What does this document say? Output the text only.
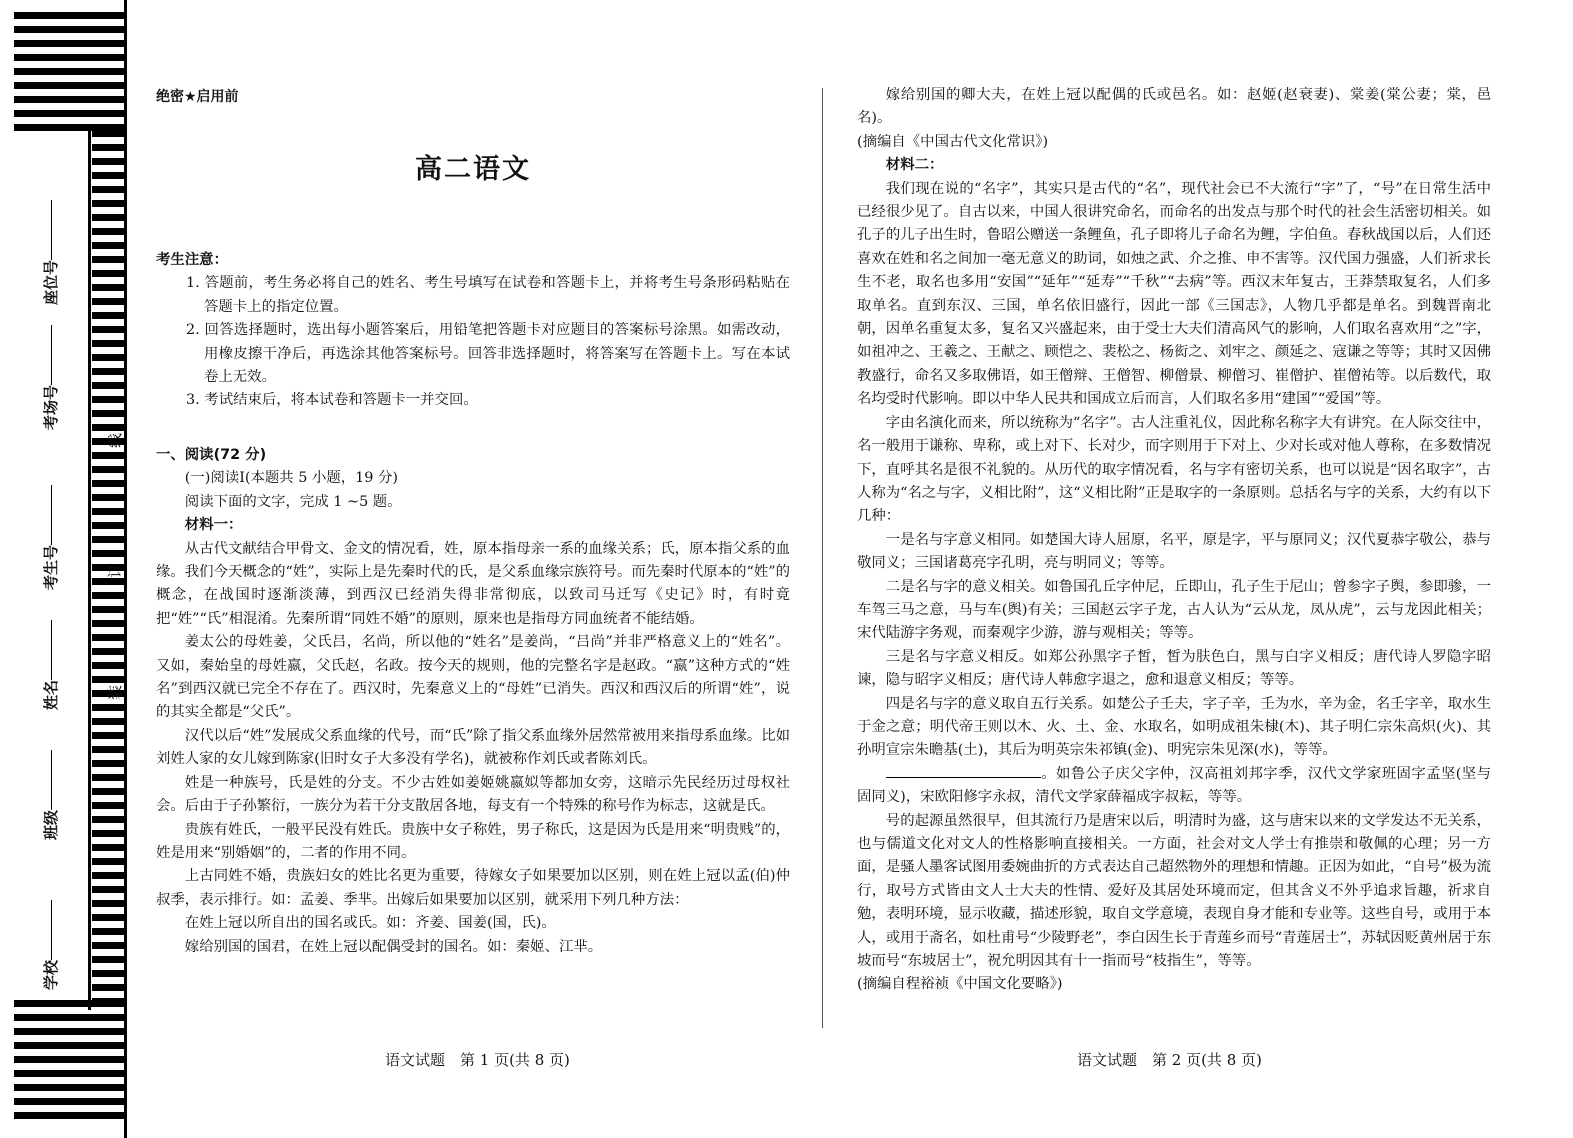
学校
班级
姓名
考生号
考场号
座位号
线
订
装
绝密★启用前
高二语文

考生注意：

1. 答题前，考生务必将自己的姓名、考生号填写在试卷和答题卡上，并将考生号条形码粘贴在答题卡上的指定位置。

2. 回答选择题时，选出每小题答案后，用铅笔把答题卡对应题目的答案标号涂黑。如需改动，用橡皮擦干净后，再选涂其他答案标号。回答非选择题时，将答案写在答题卡上。写在本试卷上无效。

3. 考试结束后，将本试卷和答题卡一并交回。

一、阅读(72 分)

(一)阅读Ⅰ(本题共 5 小题，19 分)

阅读下面的文字，完成 1 ~5 题。

材料一：

从古代文献结合甲骨文、金文的情况看，姓，原本指母亲一系的血缘关系；氏，原本指父系的血缘。我们今天概念的“姓”，实际上是先秦时代的氏，是父系血缘宗族符号。而先秦时代原本的“姓”的概念，在战国时逐渐淡薄，到西汉已经消失得非常彻底，以致司马迁写《史记》时，有时竟把“姓”“氏”相混淆。先秦所谓“同姓不婚”的原则，原来也是指母方同血统者不能结婚。

姜太公的母姓姜，父氏吕，名尚，所以他的“姓名”是姜尚，“吕尚”并非严格意义上的“姓名”。又如，秦始皇的母姓嬴，父氏赵，名政。按今天的规则，他的完整名字是赵政。“嬴”这种方式的“姓名”到西汉就已完全不存在了。西汉时，先秦意义上的“母姓”已消失。西汉和西汉后的所谓“姓”，说的其实全都是“父氏”。

汉代以后“姓”发展成父系血缘的代号，而“氏”除了指父系血缘外居然常被用来指母系血缘。比如刘姓人家的女儿嫁到陈家(旧时女子大多没有学名)，就被称作刘氏或者陈刘氏。

姓是一种族号，氏是姓的分支。不少古姓如姜姬姚嬴姒等都加女旁，这暗示先民经历过母权社会。后由于子孙繁衍，一族分为若干分支散居各地，每支有一个特殊的称号作为标志，这就是氏。

贵族有姓氏，一般平民没有姓氏。贵族中女子称姓，男子称氏，这是因为氏是用来“明贵贱”的，姓是用来“别婚姻”的，二者的作用不同。

上古同姓不婚，贵族妇女的姓比名更为重要，待嫁女子如果要加以区别，则在姓上冠以孟(伯)仲叔季，表示排行。如：孟姜、季芈。出嫁后如果要加以区别，就采用下列几种方法：

在姓上冠以所自出的国名或氏。如：齐姜、国姜(国，氏)。

嫁给别国的国君，在姓上冠以配偶受封的国名。如：秦姬、江芈。

嫁给别国的卿大夫，在姓上冠以配偶的氏或邑名。如：赵姬(赵衰妻)、棠姜(棠公妻；棠，邑名)。

(摘编自《中国古代文化常识》)

材料二：

我们现在说的“名字”，其实只是古代的“名”，现代社会已不大流行“字”了，“号”在日常生活中已经很少见了。自古以来，中国人很讲究命名，而命名的出发点与那个时代的社会生活密切相关。如孔子的儿子出生时，鲁昭公赠送一条鲤鱼，孔子即将儿子命名为鲤，字伯鱼。春秋战国以后，人们还喜欢在姓和名之间加一毫无意义的助词，如烛之武、介之推、申不害等。汉代国力强盛，人们祈求长生不老，取名也多用“安国”“延年”“延寿”“千秋”“去病”等。西汉末年复古，王莽禁取复名，人们多取单名。直到东汉、三国，单名依旧盛行，因此一部《三国志》，人物几乎都是单名。到魏晋南北朝，因单名重复太多，复名又兴盛起来，由于受士大夫们清高风气的影响，人们取名喜欢用“之”字，如祖冲之、王羲之、王献之、顾恺之、裴松之、杨衒之、刘牢之、颜延之、寇谦之等等；其时又因佛教盛行，命名又多取佛语，如王僧辩、王僧智、柳僧景、柳僧习、崔僧护、崔僧祐等。以后数代，取名均受时代影响。即以中华人民共和国成立后而言，人们取名多用“建国”“爱国”等。

字由名演化而来，所以统称为“名字”。古人注重礼仪，因此称名称字大有讲究。在人际交往中，名一般用于谦称、卑称，或上对下、长对少，而字则用于下对上、少对长或对他人尊称，在多数情况下，直呼其名是很不礼貌的。从历代的取字情况看，名与字有密切关系，也可以说是“因名取字”，古人称为“名之与字，义相比附”，这“义相比附”正是取字的一条原则。总括名与字的关系，大约有以下几种：

一是名与字意义相同。如楚国大诗人屈原，名平，原是字，平与原同义；汉代夏恭字敬公，恭与敬同义；三国诸葛亮字孔明，亮与明同义；等等。

二是名与字的意义相关。如鲁国孔丘字仲尼，丘即山，孔子生于尼山；曾参字子舆，参即骖，一车驾三马之意，马与车(舆)有关；三国赵云字子龙，古人认为“云从龙，凤从虎”，云与龙因此相关；宋代陆游字务观，而秦观字少游，游与观相关；等等。

三是名与字意义相反。如郑公孙黑字子皙，皙为肤色白，黑与白字义相反；唐代诗人罗隐字昭谏，隐与昭字义相反；唐代诗人韩愈字退之，愈和退意义相反；等等。

四是名与字的意义取自五行关系。如楚公子壬夫，字子辛，壬为水，辛为金，名壬字辛，取水生于金之意；明代帝王则以木、火、土、金、水取名，如明成祖朱棣(木)、其子明仁宗朱高炽(火)、其孙明宣宗朱瞻基(土)，其后为明英宗朱祁镇(金)、明宪宗朱见深(水)，等等。

。如鲁公子庆父字仲，汉高祖刘邦字季，汉代文学家班固字孟坚(坚与固同义)，宋欧阳修字永叔，清代文学家薛福成字叔耘，等等。

号的起源虽然很早，但其流行乃是唐宋以后，明清时为盛，这与唐宋以来的文学发达不无关系，也与儒道文化对文人的性格影响直接相关。一方面，社会对文人学士有推崇和敬佩的心理；另一方面，是骚人墨客试图用委婉曲折的方式表达自己超然物外的理想和情趣。正因为如此，“自号”极为流行，取号方式皆由文人士大夫的性情、爱好及其居处环境而定，但其含义不外乎追求旨趣，祈求自勉，表明环境，显示收藏，描述形貌，取自文学意境，表现自身才能和专业等。这些自号，或用于本人，或用于斋名，如杜甫号“少陵野老”，李白因生长于青莲乡而号“青莲居士”，苏轼因贬黄州居于东坡而号“东坡居士”，祝允明因其有十一指而号“枝指生”，等等。

(摘编自程裕祯《中国文化要略》)

语文试题　第 1 页(共 8 页)	语文试题　第 2 页(共 8 页)
